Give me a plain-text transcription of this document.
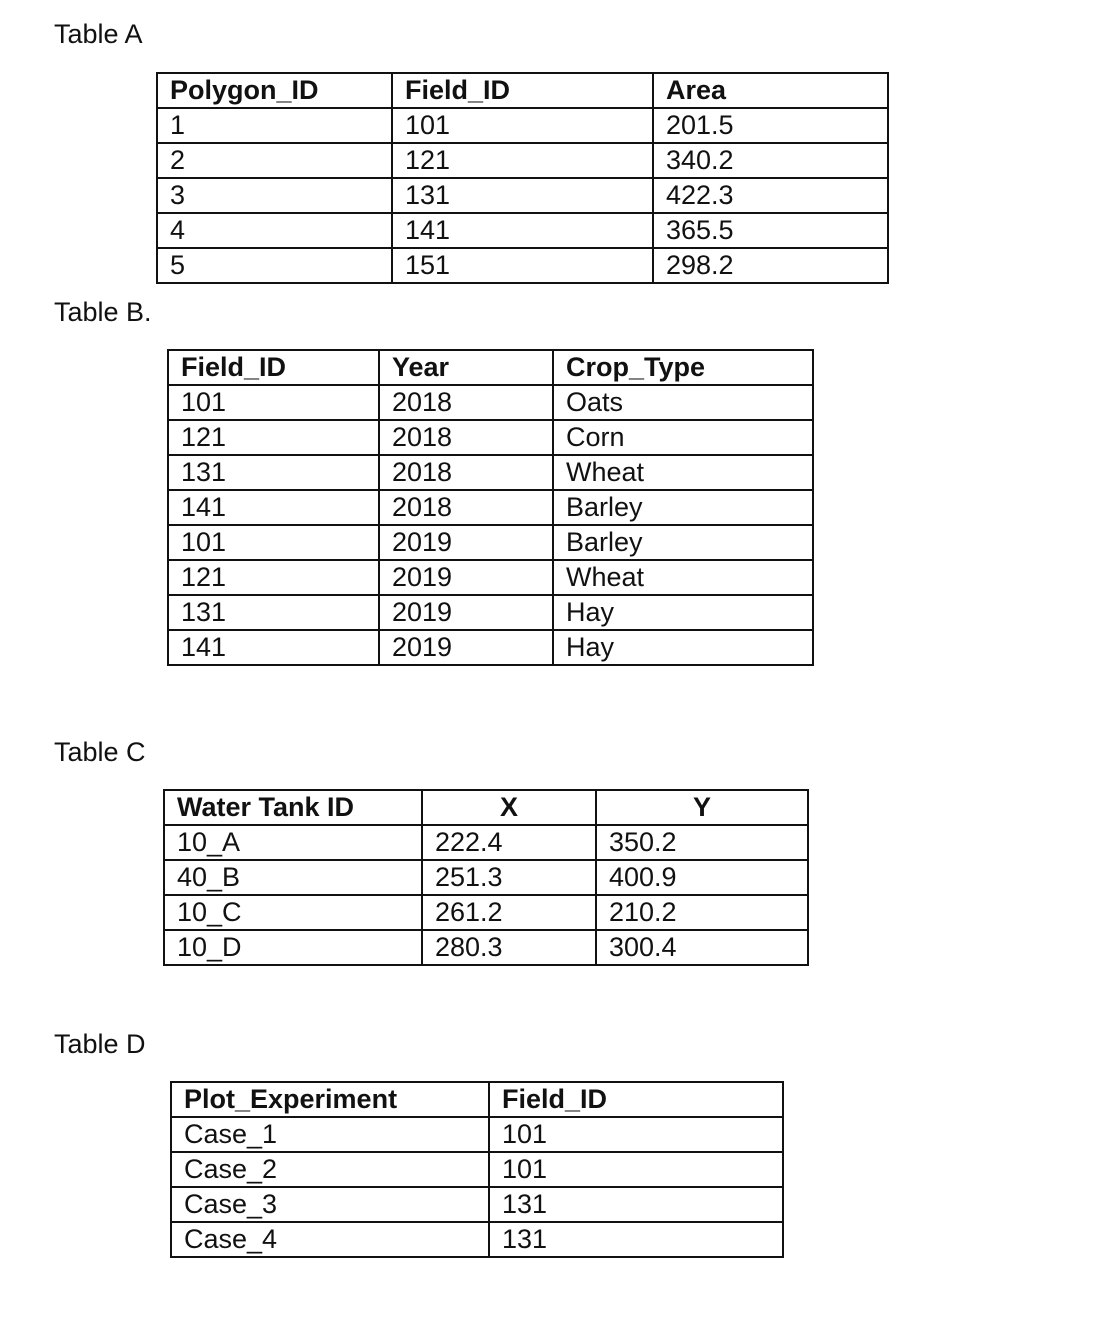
Table A
Polygon_ID	Field_ID	Area
1	101	201.5
2	121	340.2
3	131	422.3
4	141	365.5
5	151	298.2
Table B.
Field_ID	Year	Crop_Type
101	2018	Oats
121	2018	Corn
131	2018	Wheat
141	2018	Barley
101	2019	Barley
121	2019	Wheat
131	2019	Hay
141	2019	Hay
Table C
Water Tank ID	X	Y
10_A	222.4	350.2
40_B	251.3	400.9
10_C	261.2	210.2
10_D	280.3	300.4
Table D
Plot_Experiment	Field_ID
Case_1	101
Case_2	101
Case_3	131
Case_4	131
